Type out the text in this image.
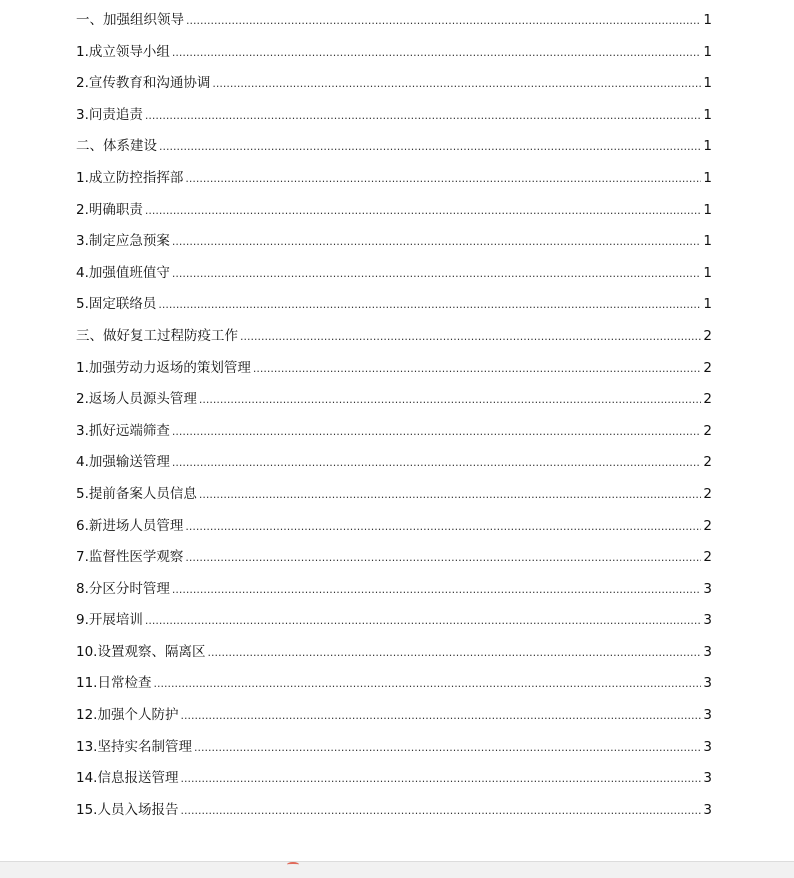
一、加强组织领导 .....	1
1.成立领导小组 .....	1
2.宣传教育和沟通协调 .....	1
3.问责追责 .....	1
二、体系建设 .....	1
1.成立防控指挥部 .....	1
2.明确职责 .....	1
3.制定应急预案 .....	1
4.加强值班值守 .....	1
5.固定联络员 .....	1
三、做好复工过程防疫工作 .....	2
1.加强劳动力返场的策划管理 .....	2
2.返场人员源头管理 .....	2
3.抓好远端筛查 .....	2
4.加强输送管理 .....	2
5.提前备案人员信息 .....	2
6.新进场人员管理 .....	2
7.监督性医学观察 .....	2
8.分区分时管理 .....	3
9.开展培训 .....	3
10.设置观察、隔离区 .....	3
11.日常检查 .....	3
12.加强个人防护 .....	3
13.坚持实名制管理 .....	3
14.信息报送管理 .....	3
15.人员入场报告 .....	3
